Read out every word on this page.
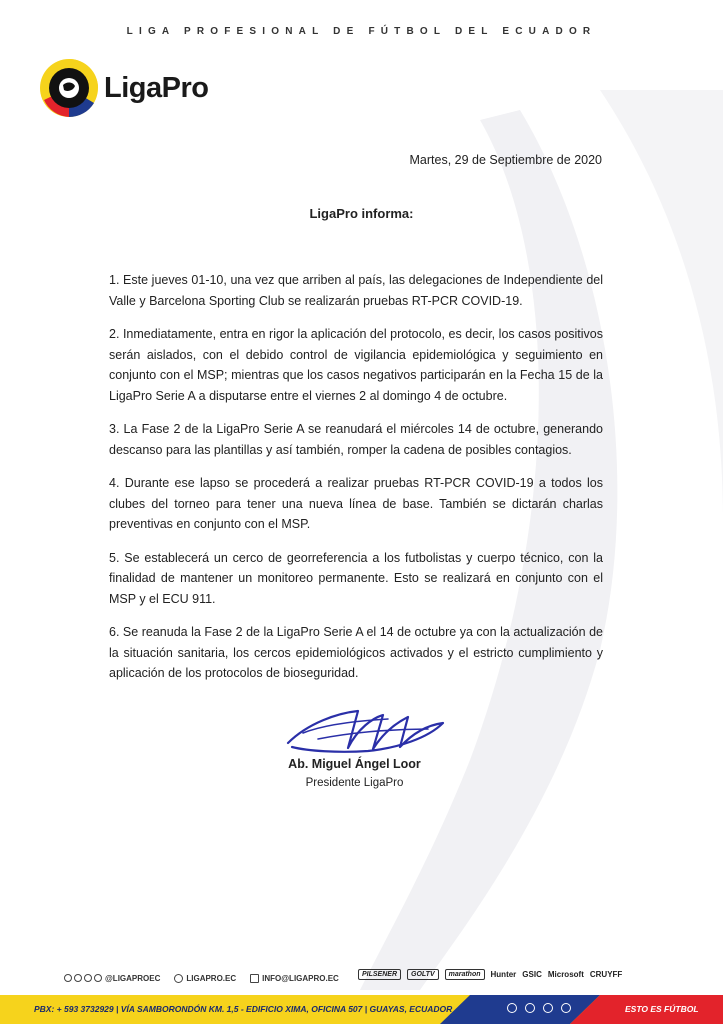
LIGA PROFESIONAL DE FÚTBOL DEL ECUADOR
LigaPro
Martes, 29 de Septiembre de 2020
LigaPro informa:

1. Este jueves 01-10, una vez que arriben al país, las delegaciones de Independiente del Valle y Barcelona Sporting Club se realizarán pruebas RT-PCR COVID-19.

2. Inmediatamente, entra en rigor la aplicación del protocolo, es decir, los casos positivos serán aislados, con el debido control de vigilancia epidemiológica y seguimiento en conjunto con el MSP; mientras que los casos negativos participarán en la Fecha 15 de la LigaPro Serie A a disputarse entre el viernes 2 al domingo 4 de octubre.

3. La Fase 2 de la LigaPro Serie A se reanudará el miércoles 14 de octubre, generando descanso para las plantillas y así también, romper la cadena de posibles contagios.

4. Durante ese lapso se procederá a realizar pruebas RT-PCR COVID-19 a todos los clubes del torneo para tener una nueva línea de base. También se dictarán charlas preventivas en conjunto con el MSP.

5. Se establecerá un cerco de georreferencia a los futbolistas y cuerpo técnico, con la finalidad de mantener un monitoreo permanente. Esto se realizará en conjunto con el MSP y el ECU 911.

6. Se reanuda la Fase 2 de la LigaPro Serie A el 14 de octubre ya con la actualización de la situación sanitaria, los cercos epidemiológicos activados y el estricto cumplimiento y aplicación de los protocolos de bioseguridad.

Ab. Miguel Ángel Loor
Presidente LigaPro
@LIGAPROEC	LIGAPRO.EC	INFO@LIGAPRO.EC	PILSENER	GOLTV	marathon	Hunter GSIC Microsoft CRUYFF
PBX: + 593 3732929 | VÍA SAMBORONDÓN KM. 1,5 - EDIFICIO XIMA, OFICINA 507 | GUAYAS, ECUADOR	ESTO ES FÚTBOL
